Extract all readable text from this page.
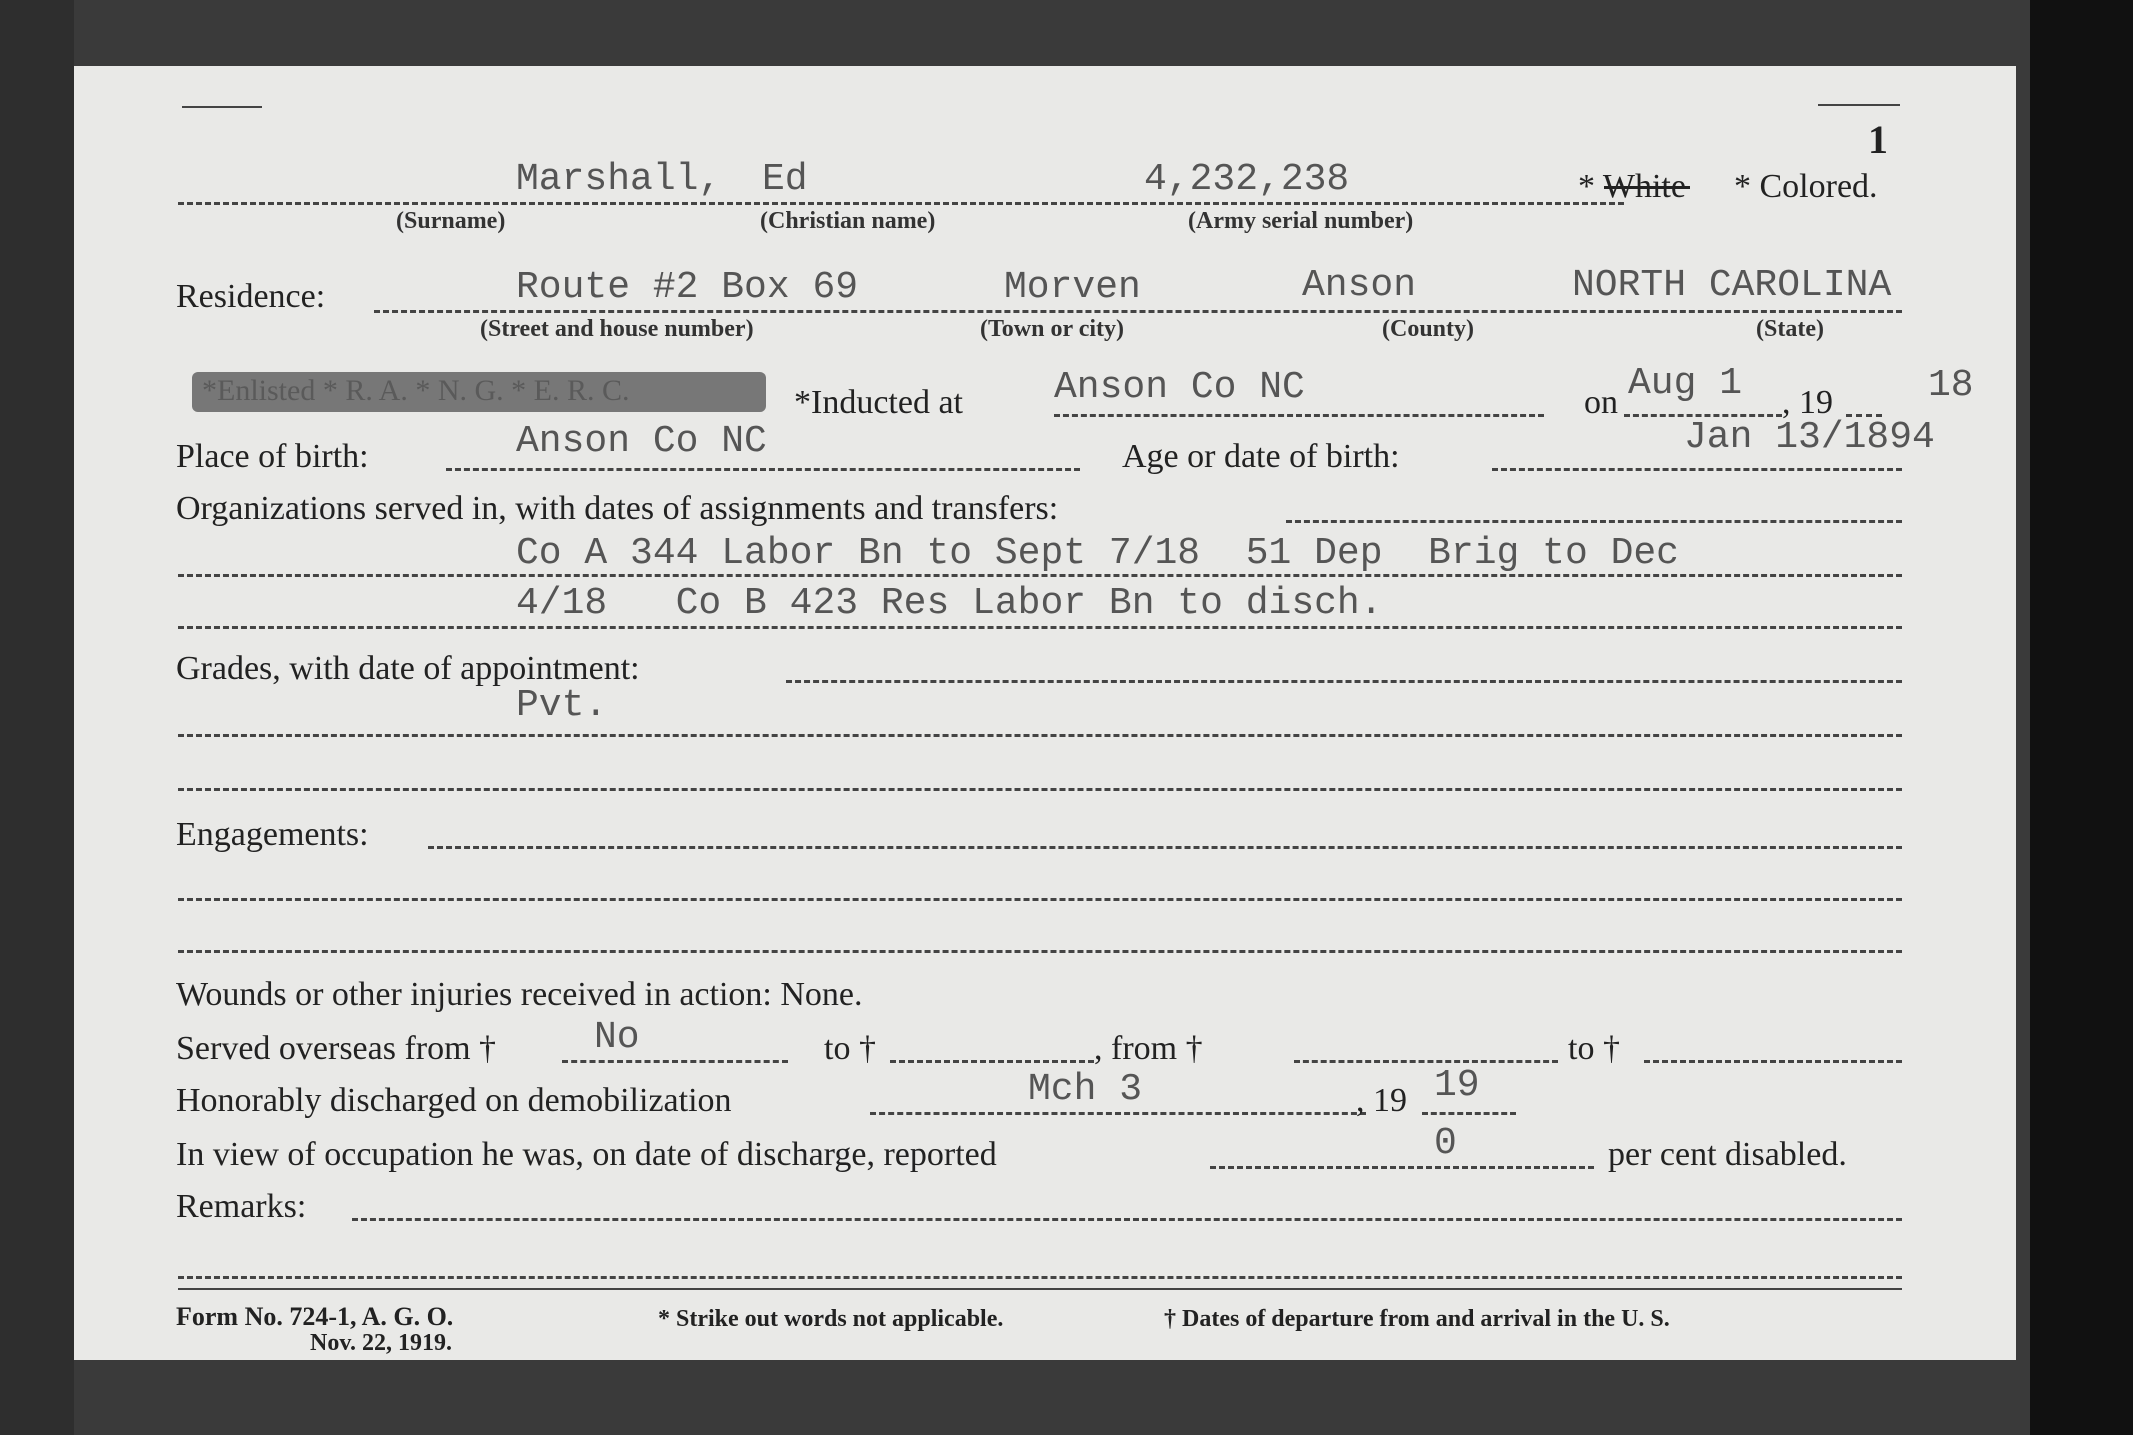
1
Marshall, Ed	4,232,238	* White * Colored.
(Surname)	(Christian name)	(Army serial number)
Residence:	Route #2 Box 69	Morven	Anson	NORTH CAROLINA
(Street and house number)	(Town or city)	(County)	(State)
*Enlisted * R. A. * N. G. * E. R. C.	*Inducted at Anson Co NC	on Aug 1 , 19	18
Place of birth:	Anson Co NC	Age or date of birth:	Jan 13/1894
Organizations served in, with dates of assignments and transfers:
Co A 344 Labor Bn to Sept 7/18  51 Dep  Brig to Dec
4/18   Co B 423 Res Labor Bn to disch.
Grades, with date of appointment:
Pvt.
Engagements:
Wounds or other injuries received in action: None.
Served overseas from †	No	to †	, from †	to †
Honorably discharged on demobilization	Mch 3	, 19 19
In view of occupation he was, on date of discharge, reported	0	per cent disabled.
Remarks:
Form No. 724-1, A. G. O.
Nov. 22, 1919.
* Strike out words not applicable.	† Dates of departure from and arrival in the U. S.
